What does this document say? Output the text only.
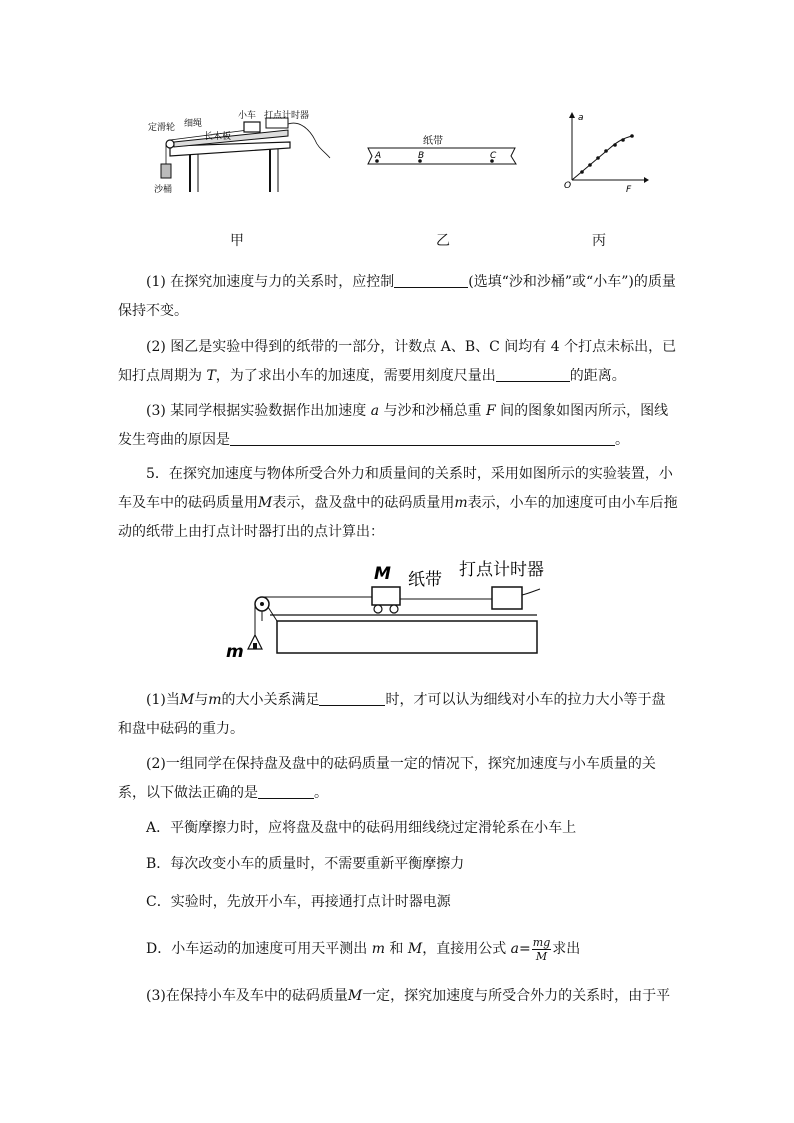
定滑轮 细绳
小车 打点计时器
长木板
沙桶
纸带
A	B	C
a
F
O
甲	乙	丙
(1) 在探究加速度与力的关系时，应控制	(选填“沙和沙桶”或“小车”)的质量保持不变。
(2) 图乙是实验中得到的纸带的一部分，计数点 A、B、C 间均有 4 个打点未标出，已知打点周期为 T，为了求出小车的加速度，需要用刻度尺量出	的距离。
(3) 某同学根据实验数据作出加速度 a 与沙和沙桶总重 F 间的图象如图丙所示，图线发生弯曲的原因是	。
5．在探究加速度与物体所受合外力和质量间的关系时，采用如图所示的实验装置，小车及车中的砝码质量用M表示，盘及盘中的砝码质量用m表示，小车的加速度可由小车后拖动的纸带上由打点计时器打出的点计算出：
M 纸带 打点计时器
m
(1)当M与m的大小关系满足	时，才可以认为细线对小车的拉力大小等于盘和盘中砝码的重力。
(2)一组同学在保持盘及盘中的砝码质量一定的情况下，探究加速度与小车质量的关系，以下做法正确的是	。
A．平衡摩擦力时，应将盘及盘中的砝码用细线绕过定滑轮系在小车上
B．每次改变小车的质量时，不需要重新平衡摩擦力
C．实验时，先放开小车，再接通打点计时器电源
D．小车运动的加速度可用天平测出 m 和 M，直接用公式 $a= \frac{mg}{M}$ 求出
(3)在保持小车及车中的砝码质量M一定，探究加速度与所受合外力的关系时，由于平
